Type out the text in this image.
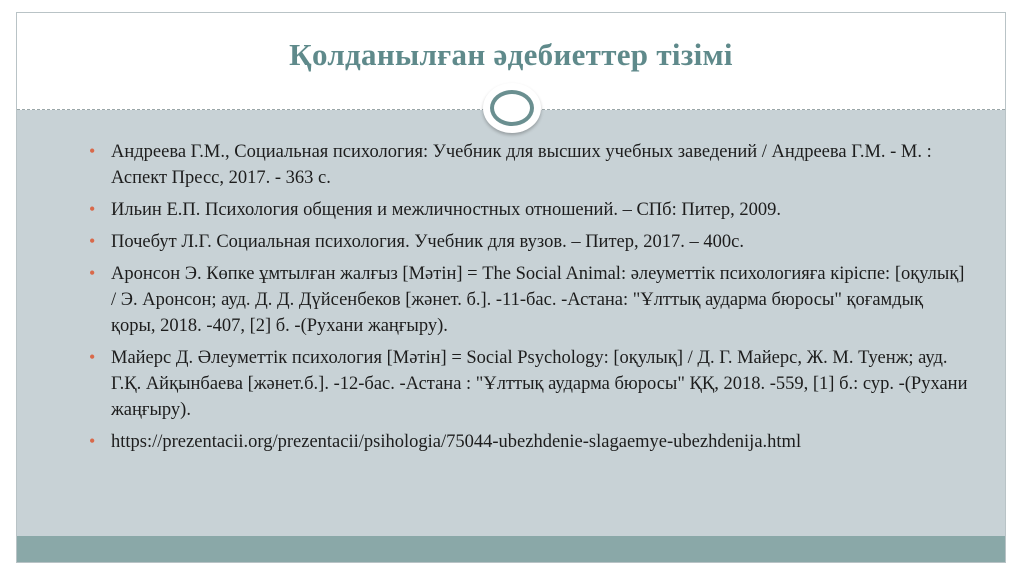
Қолданылған әдебиеттер тізімі
• Андреева Г.М., Социальная психология: Учебник для высших учебных заведений / Андреева Г.М. - М. : Аспект Пресс, 2017. - 363 с.
• Ильин Е.П. Психология общения и межличностных отношений. – СПб: Питер, 2009.
• Почебут Л.Г. Социальная психология. Учебник для вузов. – Питер, 2017. – 400с.
• Аронсон Э. Көпке ұмтылған жалғыз [Мәтін] = The Social Animal: әлеуметтік психологияға кіріспе: [оқулық] / Э. Аронсон; ауд. Д. Д. Дүйсенбеков [жәнет. б.]. -11-бас. -Астана: "Ұлттық аударма бюросы" қоғамдық қоры, 2018. -407, [2] б. -(Рухани жаңғыру).
• Майерс Д. Әлеуметтік психология [Мәтін] = Social Psychology: [оқулық] / Д. Г. Майерс, Ж. М. Туенж; ауд. Г.Қ. Айқынбаева [жәнет.б.]. -12-бас. -Астана : "Ұлттық аударма бюросы" ҚҚ, 2018. -559, [1] б.: сур. -(Рухани жаңғыру).
• https://prezentacii.org/prezentacii/psihologia/75044-ubezhdenie-slagaemye-ubezhdenija.html
